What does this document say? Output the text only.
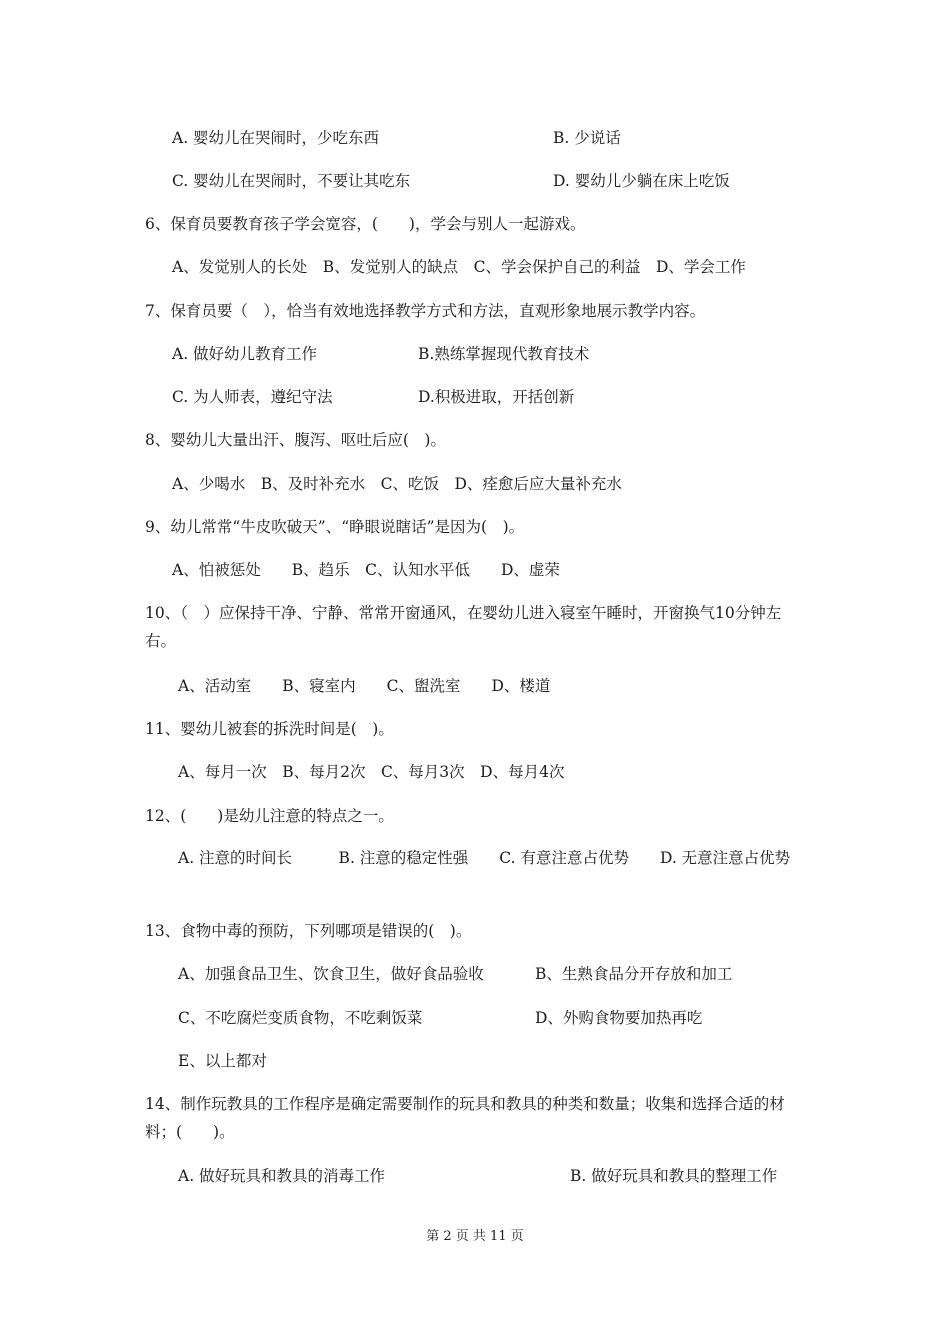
A. 婴幼儿在哭闹时，少吃东西	B. 少说话
C. 婴幼儿在哭闹时，不要让其吃东	D. 婴幼儿少躺在床上吃饭
6、保育员要教育孩子学会宽容，(　　)，学会与别人一起游戏。
A、发觉别人的长处　B、发觉别人的缺点　C、学会保护自己的利益　D、学会工作
7、保育员要（　），恰当有效地选择教学方式和方法，直观形象地展示教学内容。
A. 做好幼儿教育工作	B.熟练掌握现代教育技术
C. 为人师表，遵纪守法	D.积极进取，开括创新
8、婴幼儿大量出汗、腹泻、呕吐后应(　)。
A、少喝水　B、及时补充水　C、吃饭　D、痊愈后应大量补充水
9、幼儿常常“牛皮吹破天”、“睁眼说瞎话”是因为(　)。
A、怕被惩处　　B、趋乐　C、认知水平低　　D、虚荣
10、（　）应保持干净、宁静、常常开窗通风，在婴幼儿进入寝室午睡时，开窗换气10分钟左右。
A、活动室　　B、寝室内　　C、盥洗室　　D、楼道
11、婴幼儿被套的拆洗时间是(　)。
A、每月一次　B、每月2次　C、每月3次　D、每月4次
12、(　　)是幼儿注意的特点之一。
A. 注意的时间长　　　B. 注意的稳定性强　　C. 有意注意占优势　　D. 无意注意占优势
13、食物中毒的预防，下列哪项是错误的(　)。
A、加强食品卫生、饮食卫生，做好食品验收	B、生熟食品分开存放和加工
C、不吃腐烂变质食物，不吃剩饭菜	D、外购食物要加热再吃
E、以上都对
14、制作玩教具的工作程序是确定需要制作的玩具和教具的种类和数量；收集和选择合适的材料；(　　)。
A. 做好玩具和教具的消毒工作	B. 做好玩具和教具的整理工作
第 2 页 共 11 页
